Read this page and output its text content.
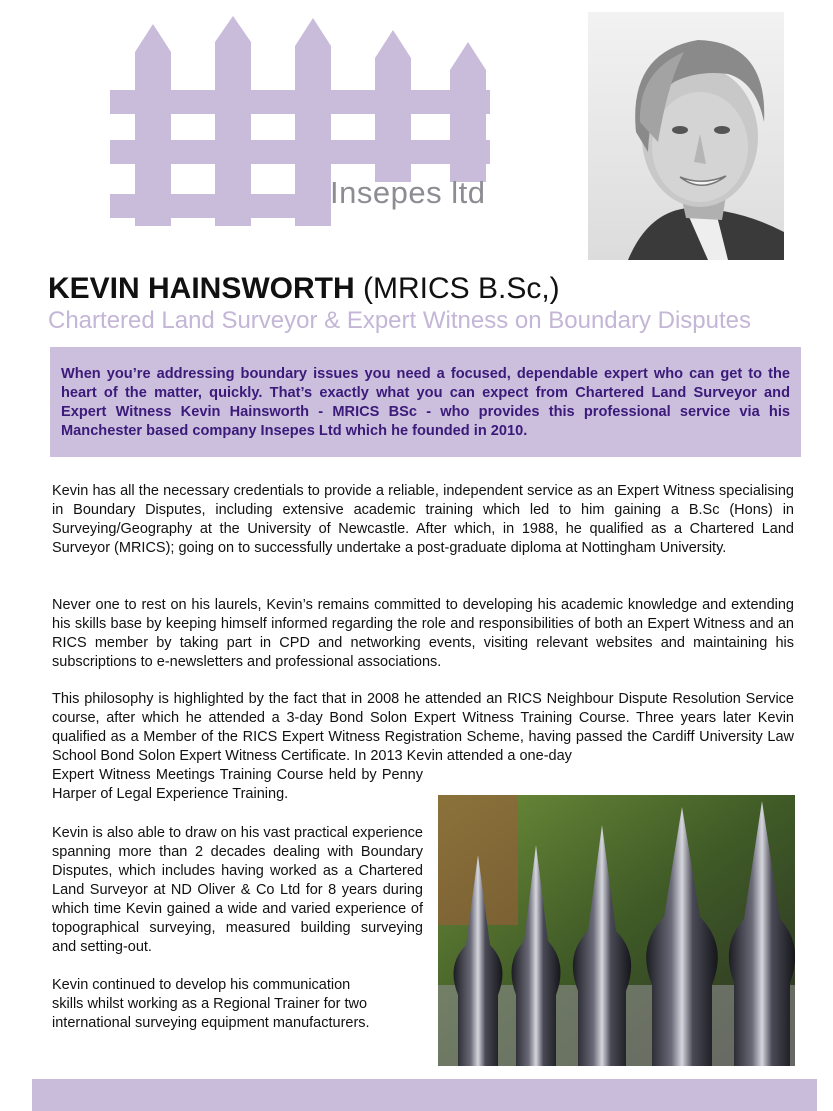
Insepes ltd
KEVIN HAINSWORTH (MRICS B.Sc,)
Chartered Land Surveyor & Expert Witness on Boundary Disputes

When you’re addressing boundary issues you need a focused, dependable expert who can get to the heart of the matter, quickly. That’s exactly what you can expect from Chartered Land Surveyor and Expert Witness Kevin Hainsworth - MRICS BSc - who provides this professional service via his Manchester based company Insepes Ltd which he founded in 2010.

Kevin has all the necessary credentials to provide a reliable, independent service as an Expert Witness specialising in Boundary Disputes, including extensive academic training which led to him gaining a B.Sc (Hons) in Surveying/Geography at the University of Newcastle. After which, in 1988, he qualified as a Chartered Land Surveyor (MRICS); going on to successfully undertake a post-graduate diploma at Nottingham University.

Never one to rest on his laurels, Kevin’s remains committed to developing his academic knowledge and extending his skills base by keeping himself informed regarding the role and responsibilities of both an Expert Witness and an RICS member by taking part in CPD and networking events, visiting relevant websites and maintaining his subscriptions to e-newsletters and professional associations.

This philosophy is highlighted by the fact that in 2008 he attended an RICS Neighbour Dispute Resolution Service course, after which he attended a 3-day Bond Solon Expert Witness Training Course. Three years later Kevin qualified as a Member of the RICS Expert Witness Registration Scheme, having passed the Cardiff University Law School Bond Solon Expert Witness Certificate. In 2013 Kevin attended a one-day

Expert Witness Meetings Training Course held by Penny Harper of Legal Experience Training.

Kevin is also able to draw on his vast practical experience spanning more than 2 decades dealing with Boundary Disputes, which includes having worked as a Chartered Land Surveyor at ND Oliver & Co Ltd for 8 years during which time Kevin gained a wide and varied experience of topographical surveying, measured building surveying and setting-out.

Kevin continued to develop his communication
skills whilst working as a Regional Trainer for two
international surveying equipment manufacturers.
